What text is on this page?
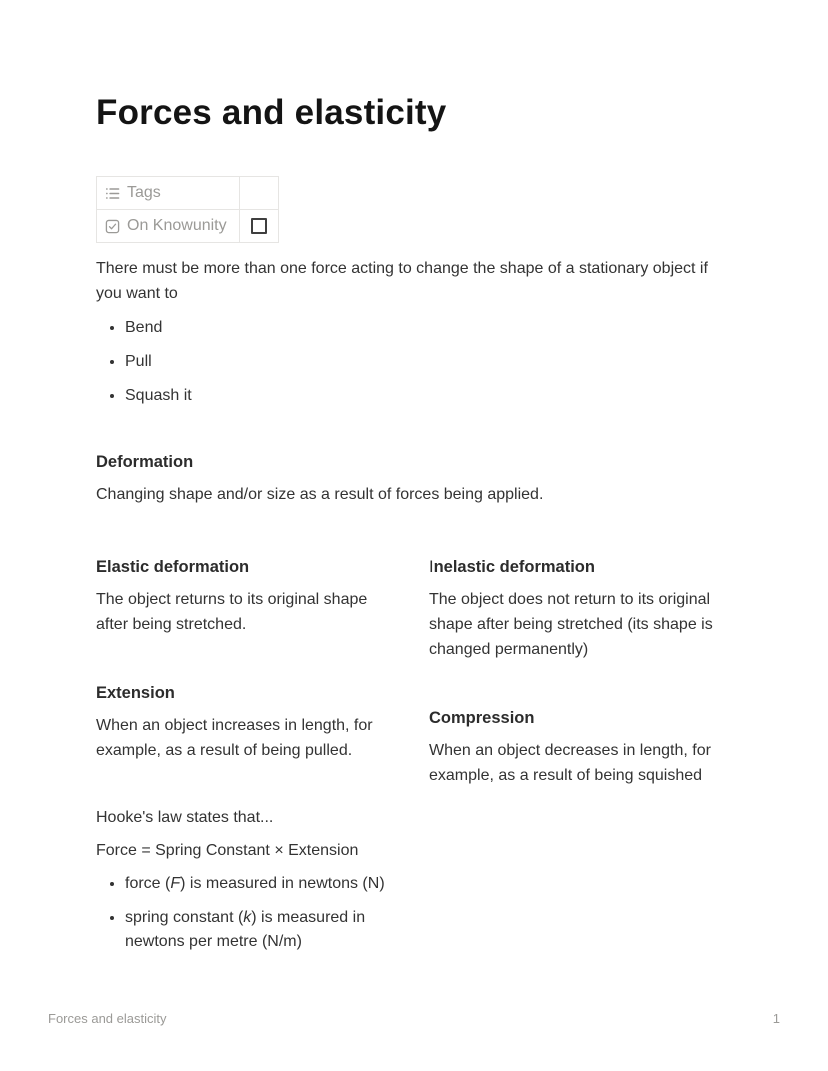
Forces and elasticity
Tags	

On Knowunity	

There must be more than one force acting to change the shape of a stationary object if you want to

• Bend
• Pull
• Squash it
Deformation

Changing shape and/or size as a result of forces being applied.

Elastic deformation

The object returns to its original shape after being stretched.

Extension

When an object increases in length, for example, as a result of being pulled.

Hooke's law states that...

Force = Spring Constant × Extension

• force (F) is measured in newtons (N)
• spring constant (k) is measured in newtons per metre (N/m)
Inelastic deformation

The object does not return to its original shape after being stretched (its shape is changed permanently)

Compression

When an object decreases in length, for example, as a result of being squished

Forces and elasticity	1
